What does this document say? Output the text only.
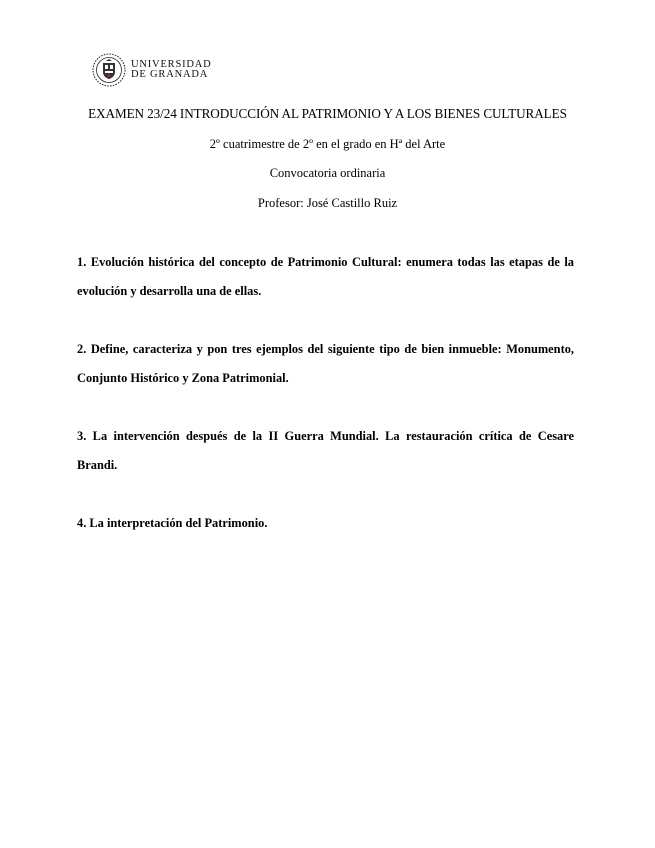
UNIVERSIDAD
DE GRANADA
EXAMEN 23/24 INTRODUCCIÓN AL PATRIMONIO Y A LOS BIENES CULTURALES
2º cuatrimestre de 2º en el grado en Hª del Arte
Convocatoria ordinaria
Profesor: José Castillo Ruiz

1. Evolución histórica del concepto de Patrimonio Cultural: enumera todas las etapas de la evolución y desarrolla una de ellas.

2. Define, caracteriza y pon tres ejemplos del siguiente tipo de bien inmueble: Monumento, Conjunto Histórico y Zona Patrimonial.

3. La intervención después de la II Guerra Mundial. La restauración crítica de Cesare Brandi.

4. La interpretación del Patrimonio.
